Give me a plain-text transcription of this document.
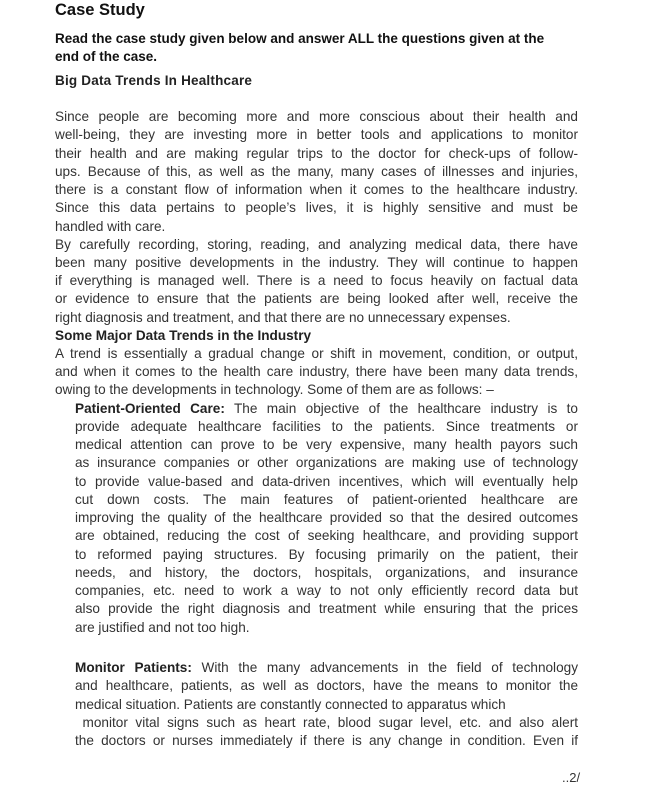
Case Study
Read the case study given below and answer ALL the questions given at the
end of the case.
Big Data Trends In Healthcare
Since people are becoming more and more conscious about their health and
well-being, they are investing more in better tools and applications to monitor
their health and are making regular trips to the doctor for check-ups of follow-
ups. Because of this, as well as the many, many cases of illnesses and injuries,
there is a constant flow of information when it comes to the healthcare industry.
Since this data pertains to people’s lives, it is highly sensitive and must be
handled with care.
By carefully recording, storing, reading, and analyzing medical data, there have
been many positive developments in the industry. They will continue to happen
if everything is managed well. There is a need to focus heavily on factual data
or evidence to ensure that the patients are being looked after well, receive the
right diagnosis and treatment, and that there are no unnecessary expenses.
Some Major Data Trends in the Industry
A trend is essentially a gradual change or shift in movement, condition, or output,
and when it comes to the health care industry, there have been many data trends,
owing to the developments in technology. Some of them are as follows: –
Patient-Oriented Care: The main objective of the healthcare industry is to
provide adequate healthcare facilities to the patients. Since treatments or
medical attention can prove to be very expensive, many health payors such
as insurance companies or other organizations are making use of technology
to provide value-based and data-driven incentives, which will eventually help
cut down costs. The main features of patient-oriented healthcare are
improving the quality of the healthcare provided so that the desired outcomes
are obtained, reducing the cost of seeking healthcare, and providing support
to reformed paying structures. By focusing primarily on the patient, their
needs, and history, the doctors, hospitals, organizations, and insurance
companies, etc. need to work a way to not only efficiently record data but
also provide the right diagnosis and treatment while ensuring that the prices
are justified and not too high.
Monitor Patients: With the many advancements in the field of technology
and healthcare, patients, as well as doctors, have the means to monitor the
medical situation. Patients are constantly connected to apparatus which
monitor vital signs such as heart rate, blood sugar level, etc. and also alert
the doctors or nurses immediately if there is any change in condition. Even if
..2/
